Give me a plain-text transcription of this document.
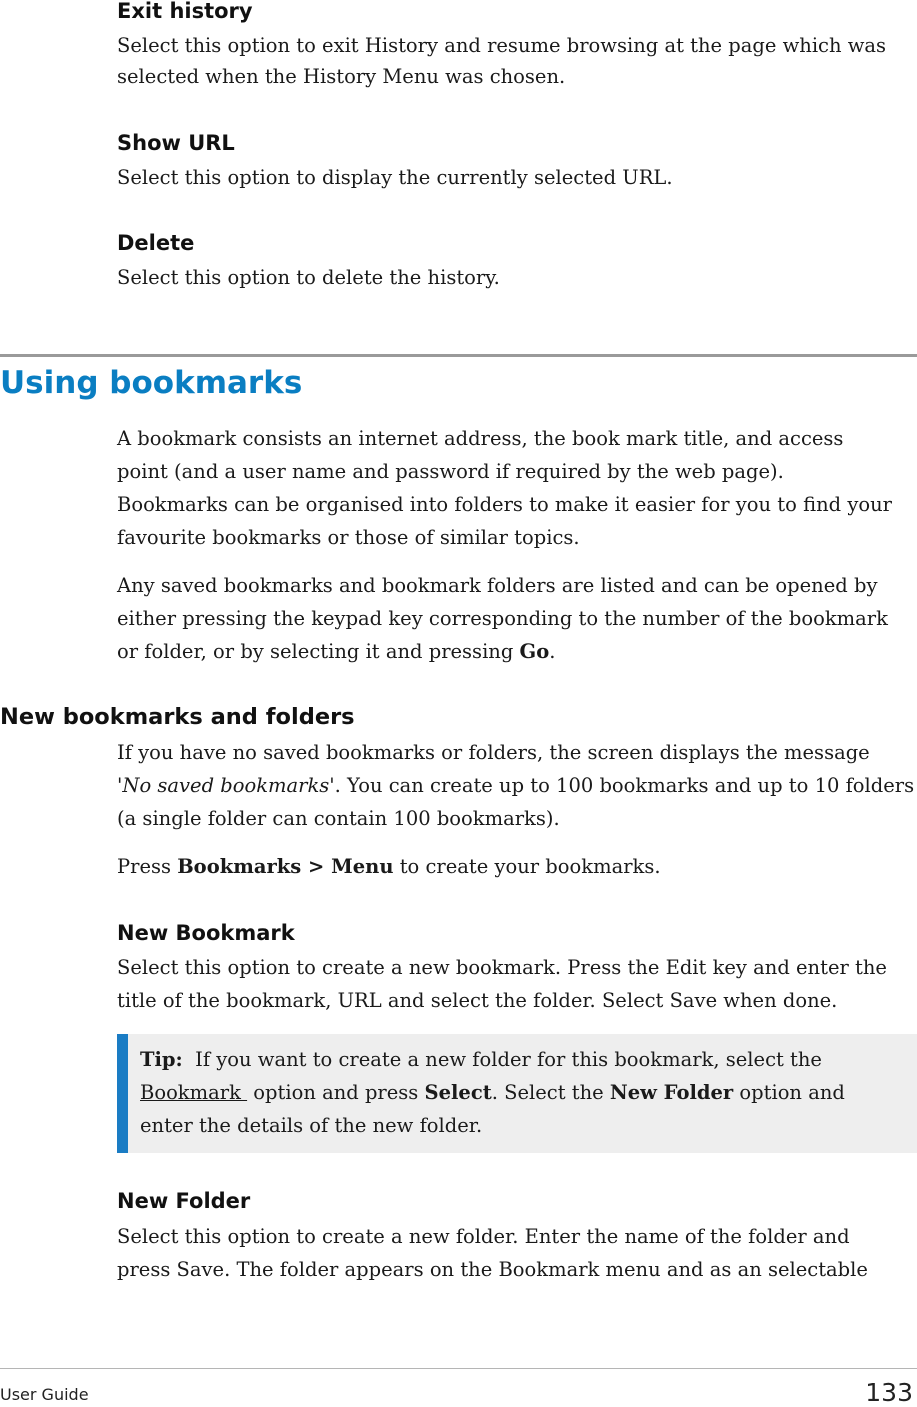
Exit history
Select this option to exit History and resume browsing at the page which was
selected when the History Menu was chosen.
Show URL
Select this option to display the currently selected URL.
Delete
Select this option to delete the history.
Using bookmarks
A bookmark consists an internet address, the book mark title, and access
point (and a user name and password if required by the web page).
Bookmarks can be organised into folders to make it easier for you to find your
favourite bookmarks or those of similar topics.
Any saved bookmarks and bookmark folders are listed and can be opened by
either pressing the keypad key corresponding to the number of the bookmark
or folder, or by selecting it and pressing Go.
New bookmarks and folders
If you have no saved bookmarks or folders, the screen displays the message
'No saved bookmarks'. You can create up to 100 bookmarks and up to 10 folders
(a single folder can contain 100 bookmarks).
Press Bookmarks > Menu to create your bookmarks.
New Bookmark
Select this option to create a new bookmark. Press the Edit key and enter the
title of the bookmark, URL and select the folder. Select Save when done.
Tip:  If you want to create a new folder for this bookmark, select the
Bookmark  option and press Select. Select the New Folder option and
enter the details of the new folder.
New Folder
Select this option to create a new folder. Enter the name of the folder and
press Save. The folder appears on the Bookmark menu and as an selectable
User Guide	133
